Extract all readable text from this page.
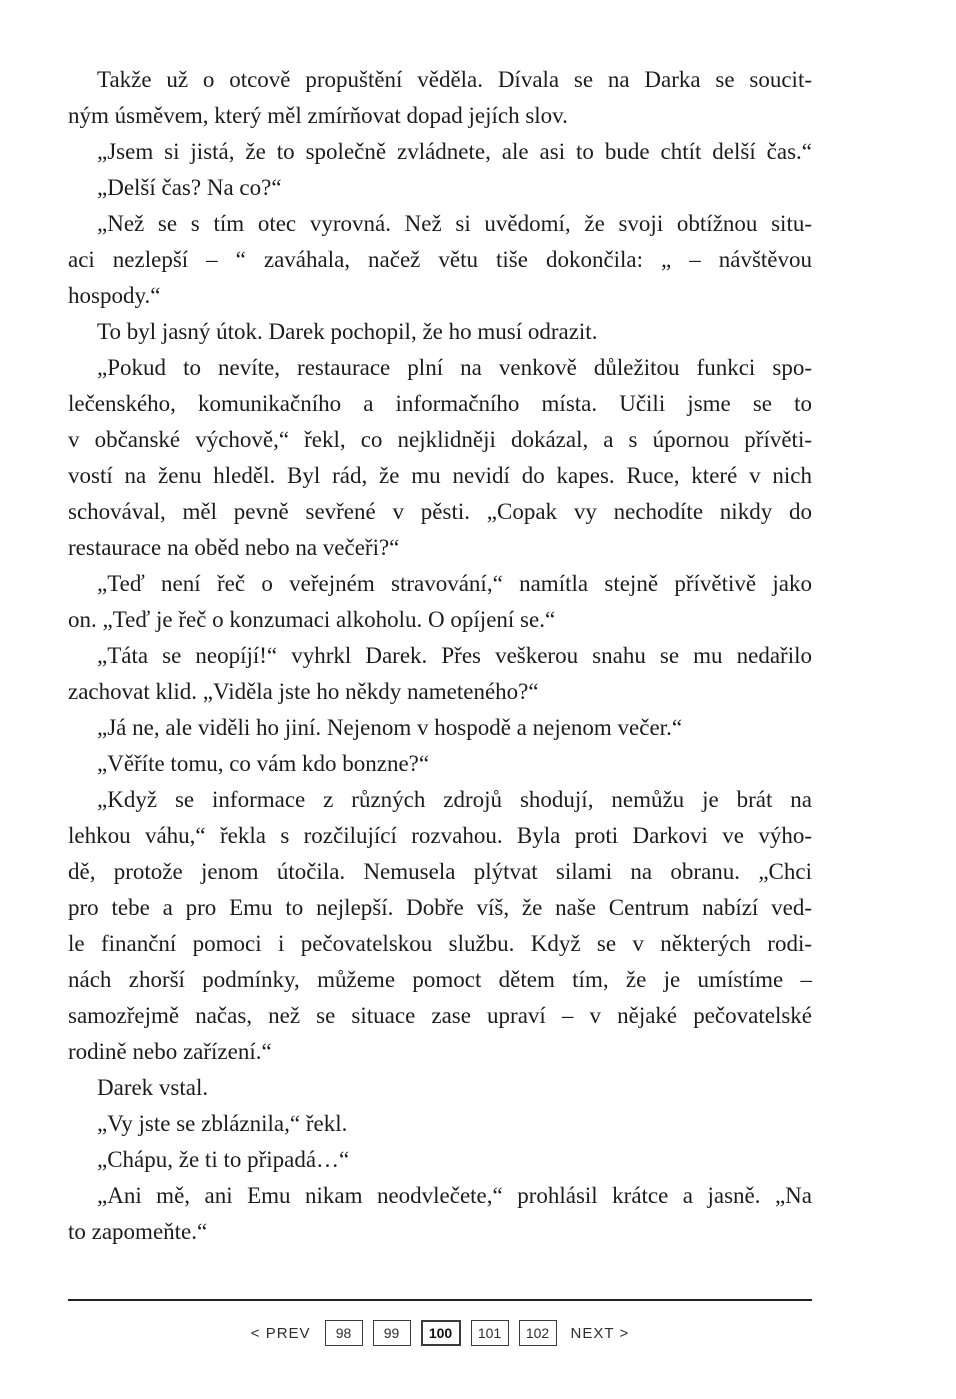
Takže už o otcově propuštění věděla. Dívala se na Darka se soucit-
ným úsměvem, který měl zmírňovat dopad jejích slov.
„Jsem si jistá, že to společně zvládnete, ale asi to bude chtít delší čas.“
„Delší čas? Na co?“
„Než se s tím otec vyrovná. Než si uvědomí, že svoji obtížnou situ-
aci nezlepší – “ zaváhala, načež větu tiše dokončila: „ – návštěvou
hospody.“
To byl jasný útok. Darek pochopil, že ho musí odrazit.
„Pokud to nevíte, restaurace plní na venkově důležitou funkci spo-
lečenského, komunikačního a informačního místa. Učili jsme se to
v občanské výchově,“ řekl, co nejklidněji dokázal, a s úpornou přívěti-
vostí na ženu hleděl. Byl rád, že mu nevidí do kapes. Ruce, které v nich
schovával, měl pevně sevřené v pěsti. „Copak vy nechodíte nikdy do
restaurace na oběd nebo na večeři?“
„Teď není řeč o veřejném stravování,“ namítla stejně přívětivě jako
on. „Teď je řeč o konzumaci alkoholu. O opíjení se.“
„Táta se neopíjí!“ vyhrkl Darek. Přes veškerou snahu se mu nedařilo
zachovat klid. „Viděla jste ho někdy nameteného?“
„Já ne, ale viděli ho jiní. Nejenom v hospodě a nejenom večer.“
„Věříte tomu, co vám kdo bonzne?“
„Když se informace z různých zdrojů shodují, nemůžu je brát na
lehkou váhu,“ řekla s rozčilující rozvahou. Byla proti Darkovi ve výho-
dě, protože jenom útočila. Nemusela plýtvat silami na obranu. „Chci
pro tebe a pro Emu to nejlepší. Dobře víš, že naše Centrum nabízí ved-
le finanční pomoci i pečovatelskou službu. Když se v některých rodi-
nách zhorší podmínky, můžeme pomoct dětem tím, že je umístíme –
samozřejmě načas, než se situace zase upraví – v nějaké pečovatelské
rodině nebo zařízení.“
Darek vstal.
„Vy jste se zbláznila,“ řekl.
„Chápu, že ti to připadá…“
„Ani mě, ani Emu nikam neodvlečete,“ prohlásil krátce a jasně. „Na
to zapomeňte.“
< PREV	98	99	100	101	102	NEXT >
